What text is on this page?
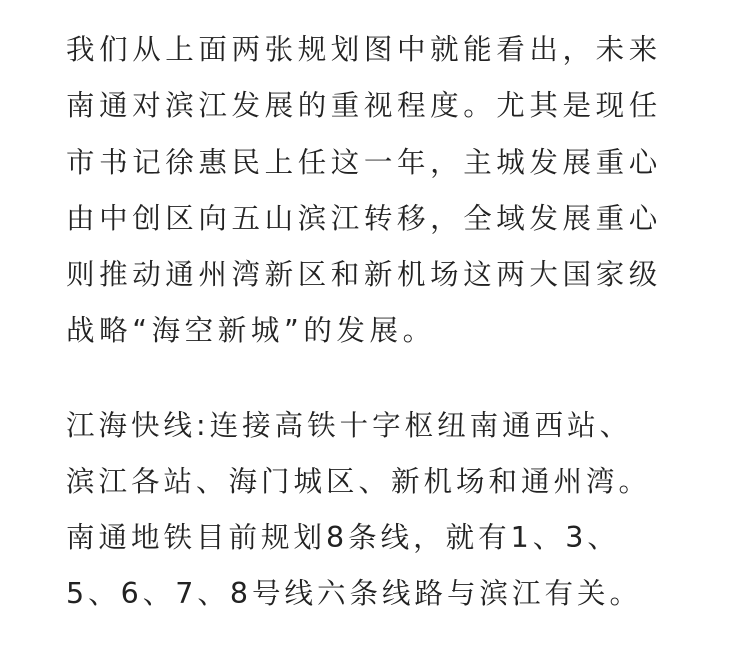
我们从上面两张规划图中就能看出，未来
南通对滨江发展的重视程度。尤其是现任
市书记徐惠民上任这一年，主城发展重心
由中创区向五山滨江转移，全域发展重心
则推动通州湾新区和新机场这两大国家级
战略“海空新城”的发展。

江海快线:连接高铁十字枢纽南通西站、
滨江各站、海门城区、新机场和通州湾。
南通地铁目前规划8条线，就有1、3、
5、6、7、8号线六条线路与滨江有关。
